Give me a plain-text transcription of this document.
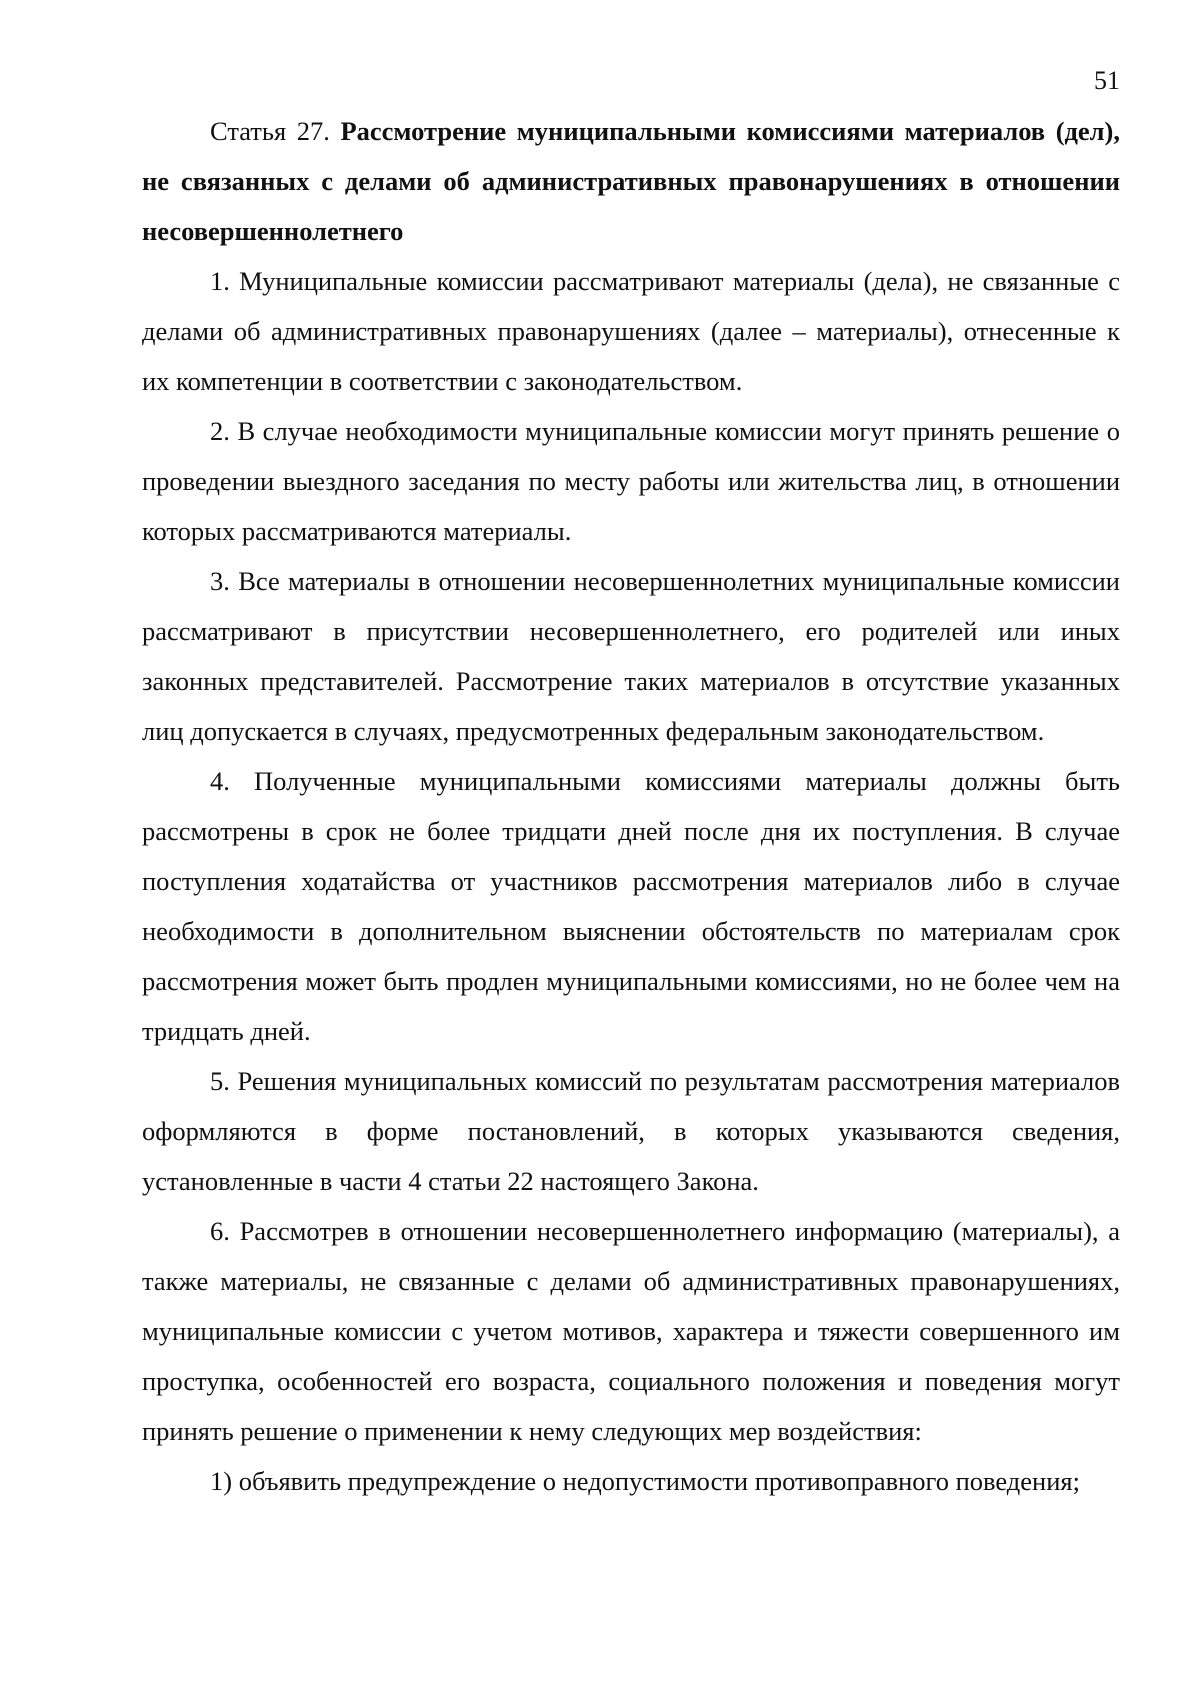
51

Статья 27. Рассмотрение муниципальными комиссиями материалов (дел), не связанных с делами об административных правонарушениях в отношении несовершеннолетнего

1. Муниципальные комиссии рассматривают материалы (дела), не связанные с делами об административных правонарушениях (далее – материалы), отнесенные к их компетенции в соответствии с законодательством.

2. В случае необходимости муниципальные комиссии могут принять решение о проведении выездного заседания по месту работы или жительства лиц, в отношении которых рассматриваются материалы.

3. Все материалы в отношении несовершеннолетних муниципальные комиссии рассматривают в присутствии несовершеннолетнего, его родителей или иных законных представителей. Рассмотрение таких материалов в отсутствие указанных лиц допускается в случаях, предусмотренных федеральным законодательством.

4. Полученные муниципальными комиссиями материалы должны быть рассмотрены в срок не более тридцати дней после дня их поступления. В случае поступления ходатайства от участников рассмотрения материалов либо в случае необходимости в дополнительном выяснении обстоятельств по материалам срок рассмотрения может быть продлен муниципальными комиссиями, но не более чем на тридцать дней.

5. Решения муниципальных комиссий по результатам рассмотрения материалов оформляются в форме постановлений, в которых указываются сведения, установленные в части 4 статьи 22 настоящего Закона.

6. Рассмотрев в отношении несовершеннолетнего информацию (материалы), а также материалы, не связанные с делами об административных правонарушениях, муниципальные комиссии с учетом мотивов, характера и тяжести совершенного им проступка, особенностей его возраста, социального положения и поведения могут принять решение о применении к нему следующих мер воздействия:

1) объявить предупреждение о недопустимости противоправного поведения;
